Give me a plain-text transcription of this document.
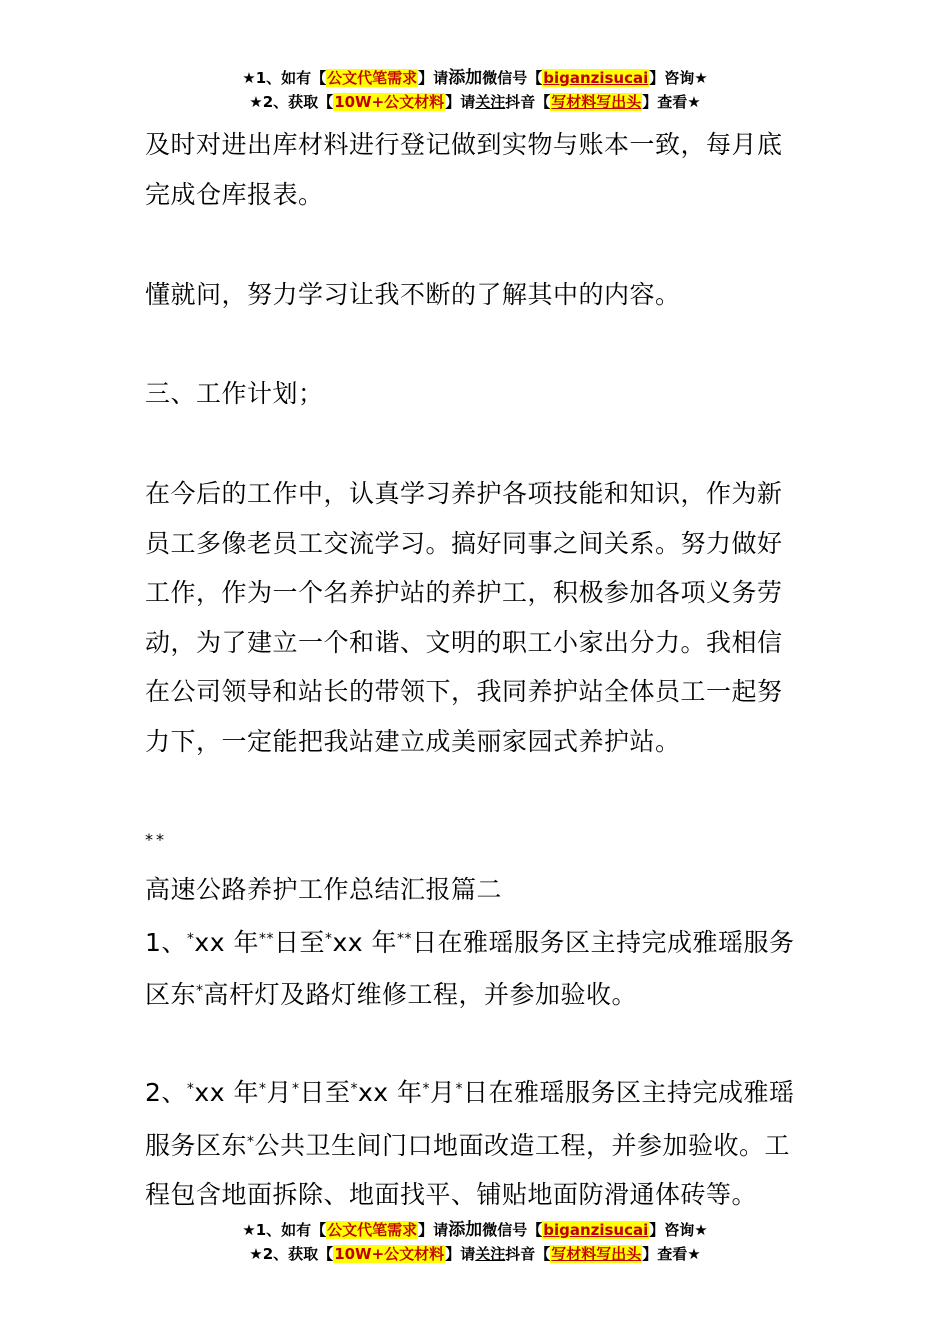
★1、如有【公文代笔需求】请添加微信号【biganzisucai】咨询★
★2、获取【10W+公文材料】请关注抖音【写材料写出头】查看★

及时对进出库材料进行登记做到实物与账本一致，每月底

完成仓库报表。

懂就问，努力学习让我不断的了解其中的内容。

三、工作计划；

在今后的工作中，认真学习养护各项技能和知识，作为新

员工多像老员工交流学习。搞好同事之间关系。努力做好

工作，作为一个名养护站的养护工，积极参加各项义务劳

动，为了建立一个和谐、文明的职工小家出分力。我相信

在公司领导和站长的带领下，我同养护站全体员工一起努

力下，一定能把我站建立成美丽家园式养护站。

**

高速公路养护工作总结汇报篇二

1、*xx 年**日至*xx 年**日在雅瑶服务区主持完成雅瑶服务

区东*高杆灯及路灯维修工程，并参加验收。

2、*xx 年*月*日至*xx 年*月*日在雅瑶服务区主持完成雅瑶

服务区东*公共卫生间门口地面改造工程，并参加验收。工

程包含地面拆除、地面找平、铺贴地面防滑通体砖等。

★1、如有【公文代笔需求】请添加微信号【biganzisucai】咨询★
★2、获取【10W+公文材料】请关注抖音【写材料写出头】查看★
